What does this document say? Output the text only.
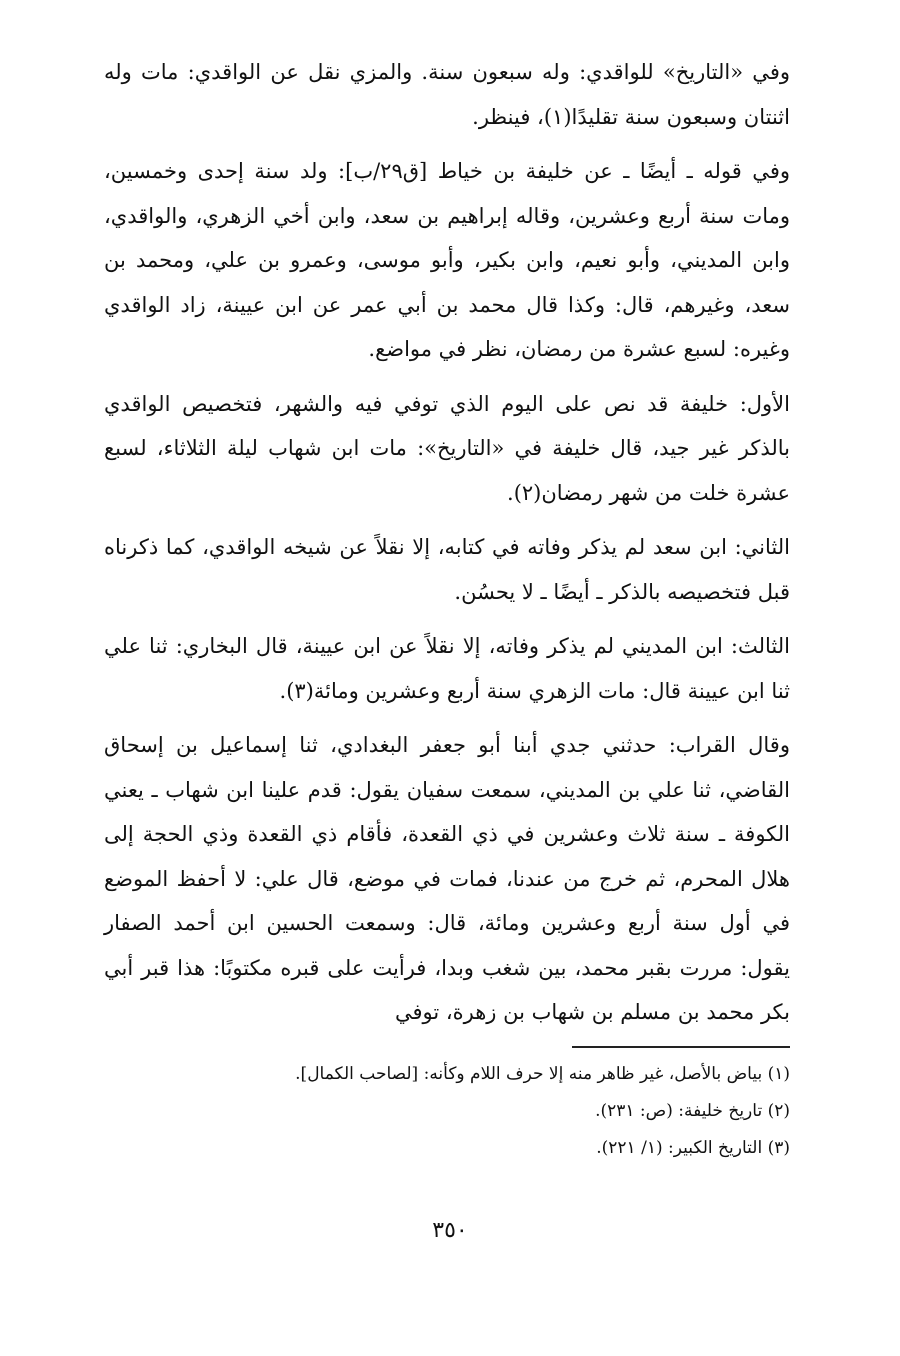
وفي «التاريخ» للواقدي: وله سبعون سنة. والمزي نقل عن الواقدي: مات وله اثنتان وسبعون سنة تقليدًا(١)، فينظر.

وفي قوله ـ أيضًا ـ عن خليفة بن خياط [ق٢٩/ب]: ولد سنة إحدى وخمسين، ومات سنة أربع وعشرين، وقاله إبراهيم بن سعد، وابن أخي الزهري، والواقدي، وابن المديني، وأبو نعيم، وابن بكير، وأبو موسى، وعمرو بن علي، ومحمد بن سعد، وغيرهم، قال: وكذا قال محمد بن أبي عمر عن ابن عيينة، زاد الواقدي وغيره: لسبع عشرة من رمضان، نظر في مواضع.

الأول: خليفة قد نص على اليوم الذي توفي فيه والشهر، فتخصيص الواقدي بالذكر غير جيد، قال خليفة في «التاريخ»: مات ابن شهاب ليلة الثلاثاء، لسبع عشرة خلت من شهر رمضان(٢).

الثاني: ابن سعد لم يذكر وفاته في كتابه، إلا نقلاً عن شيخه الواقدي، كما ذكرناه قبل فتخصيصه بالذكر ـ أيضًا ـ لا يحسُن.

الثالث: ابن المديني لم يذكر وفاته، إلا نقلاً عن ابن عيينة، قال البخاري: ثنا علي ثنا ابن عيينة قال: مات الزهري سنة أربع وعشرين ومائة(٣).

وقال القراب: حدثني جدي أبنا أبو جعفر البغدادي، ثنا إسماعيل بن إسحاق القاضي، ثنا علي بن المديني، سمعت سفيان يقول: قدم علينا ابن شهاب ـ يعني الكوفة ـ سنة ثلاث وعشرين في ذي القعدة، فأقام ذي القعدة وذي الحجة إلى هلال المحرم، ثم خرج من عندنا، فمات في موضع، قال علي: لا أحفظ الموضع في أول سنة أربع وعشرين ومائة، قال: وسمعت الحسين ابن أحمد الصفار يقول: مررت بقبر محمد، بين شغب وبدا، فرأيت على قبره مكتوبًا: هذا قبر أبي بكر محمد بن مسلم بن شهاب بن زهرة، توفي

(١) بياض بالأصل، غير ظاهر منه إلا حرف اللام وكأنه: [لصاحب الكمال].
(٢) تاريخ خليفة: (ص: ٢٣١).
(٣) التاريخ الكبير: (١/ ٢٢١).
٣٥٠
